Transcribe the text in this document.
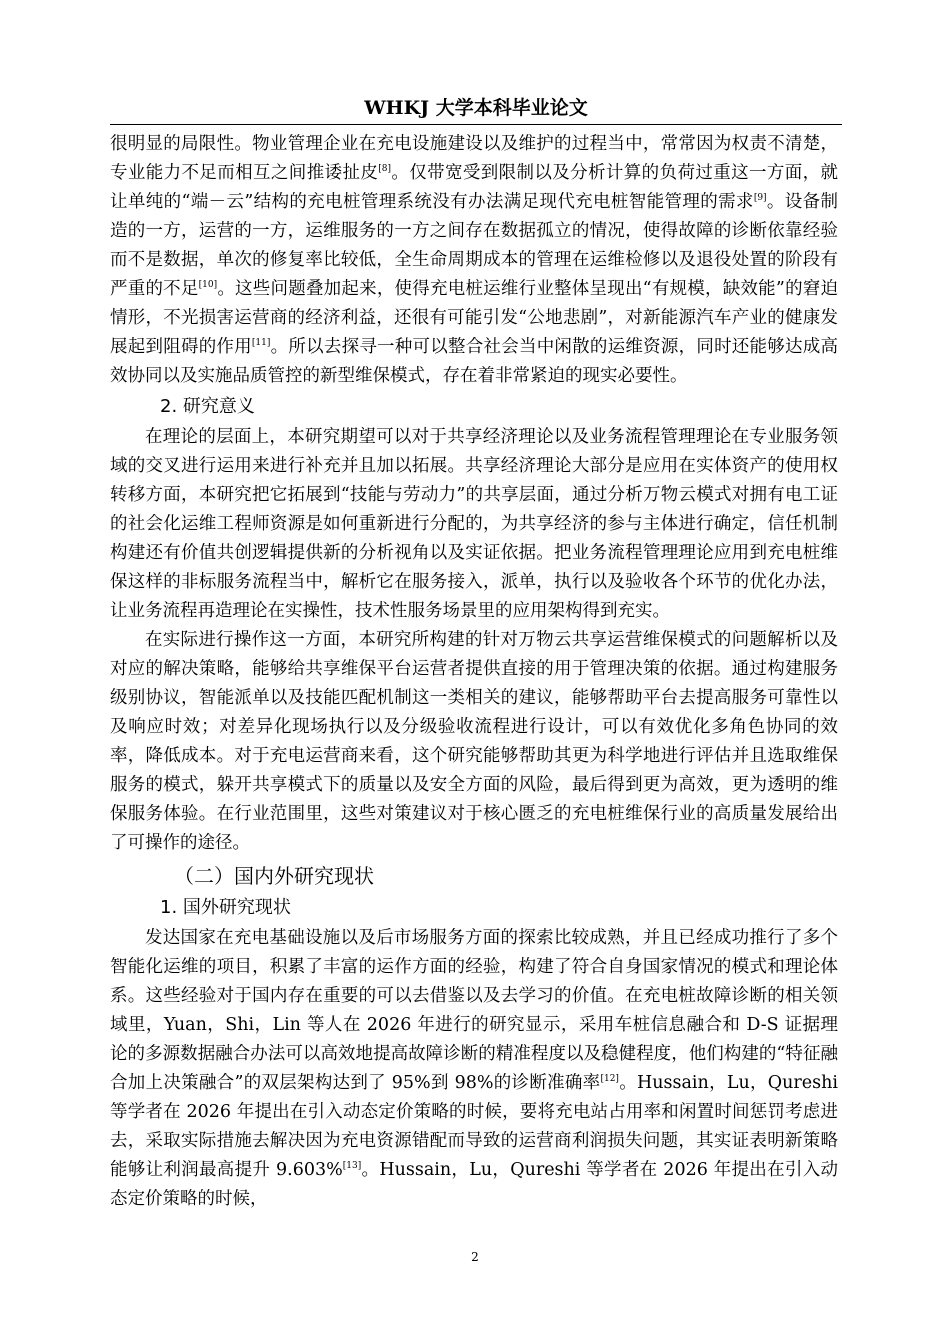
WHKJ 大学本科毕业论文

很明显的局限性。物业管理企业在充电设施建设以及维护的过程当中，常常因为权责不清楚，专业能力不足而相互之间推诿扯皮[8]。仅带宽受到限制以及分析计算的负荷过重这一方面，就让单纯的“端－云”结构的充电桩管理系统没有办法满足现代充电桩智能管理的需求[9]。设备制造的一方，运营的一方，运维服务的一方之间存在数据孤立的情况，使得故障的诊断依靠经验而不是数据，单次的修复率比较低，全生命周期成本的管理在运维检修以及退役处置的阶段有严重的不足[10]。这些问题叠加起来，使得充电桩运维行业整体呈现出“有规模，缺效能”的窘迫情形，不光损害运营商的经济利益，还很有可能引发“公地悲剧”，对新能源汽车产业的健康发展起到阻碍的作用[11]。所以去探寻一种可以整合社会当中闲散的运维资源，同时还能够达成高效协同以及实施品质管控的新型维保模式，存在着非常紧迫的现实必要性。

2. 研究意义

在理论的层面上，本研究期望可以对于共享经济理论以及业务流程管理理论在专业服务领域的交叉进行运用来进行补充并且加以拓展。共享经济理论大部分是应用在实体资产的使用权转移方面，本研究把它拓展到“技能与劳动力”的共享层面，通过分析万物云模式对拥有电工证的社会化运维工程师资源是如何重新进行分配的，为共享经济的参与主体进行确定，信任机制构建还有价值共创逻辑提供新的分析视角以及实证依据。把业务流程管理理论应用到充电桩维保这样的非标服务流程当中，解析它在服务接入，派单，执行以及验收各个环节的优化办法，让业务流程再造理论在实操性，技术性服务场景里的应用架构得到充实。

在实际进行操作这一方面，本研究所构建的针对万物云共享运营维保模式的问题解析以及对应的解决策略，能够给共享维保平台运营者提供直接的用于管理决策的依据。通过构建服务级别协议，智能派单以及技能匹配机制这一类相关的建议，能够帮助平台去提高服务可靠性以及响应时效；对差异化现场执行以及分级验收流程进行设计，可以有效优化多角色协同的效率，降低成本。对于充电运营商来看，这个研究能够帮助其更为科学地进行评估并且选取维保服务的模式，躲开共享模式下的质量以及安全方面的风险，最后得到更为高效，更为透明的维保服务体验。在行业范围里，这些对策建议对于核心匮乏的充电桩维保行业的高质量发展给出了可操作的途径。

（二）国内外研究现状
1. 国外研究现状

发达国家在充电基础设施以及后市场服务方面的探索比较成熟，并且已经成功推行了多个智能化运维的项目，积累了丰富的运作方面的经验，构建了符合自身国家情况的模式和理论体系。这些经验对于国内存在重要的可以去借鉴以及去学习的价值。在充电桩故障诊断的相关领域里，Yuan，Shi，Lin 等人在 2026 年进行的研究显示，采用车桩信息融合和 D-S 证据理论的多源数据融合办法可以高效地提高故障诊断的精准程度以及稳健程度，他们构建的“特征融合加上决策融合”的双层架构达到了 95%到 98%的诊断准确率[12]。Hussain，Lu，Qureshi 等学者在 2026 年提出在引入动态定价策略的时候，要将充电站占用率和闲置时间惩罚考虑进去，采取实际措施去解决因为充电资源错配而导致的运营商利润损失问题，其实证表明新策略能够让利润最高提升 9.603%[13]。Hussain，Lu，Qureshi 等学者在 2026 年提出在引入动态定价策略的时候，

2
